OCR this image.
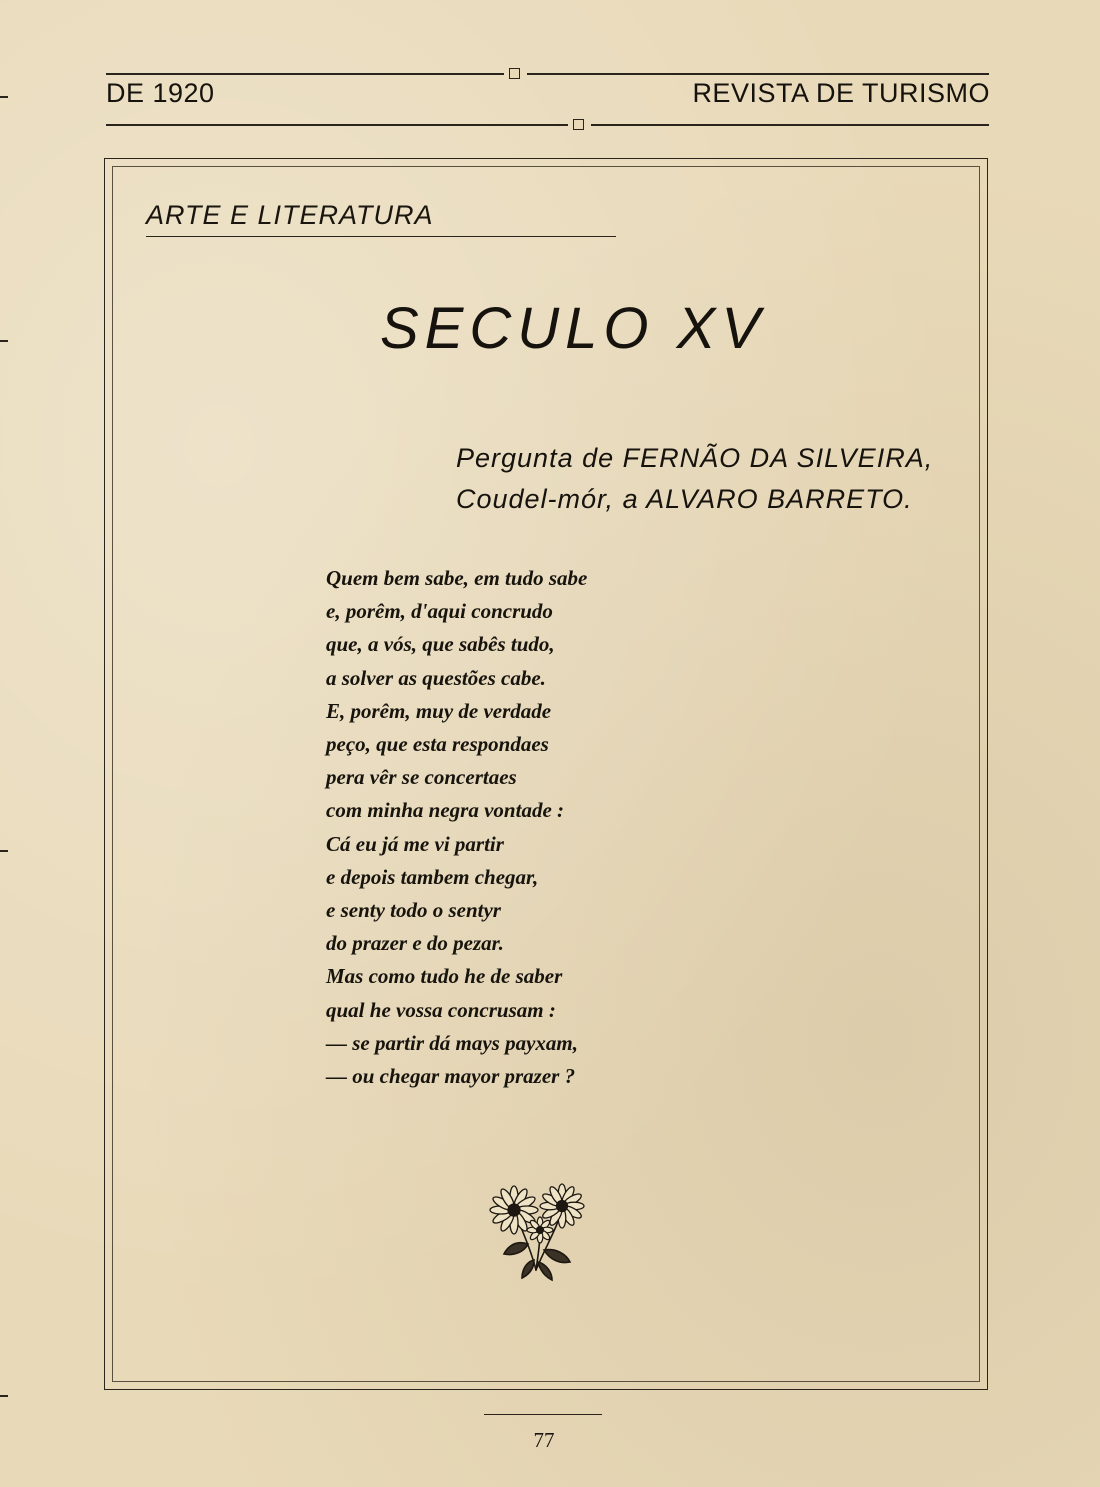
DE 1920	REVISTA DE TURISMO
ARTE E LITERATURA
SECULO XV
Pergunta de FERNÃO DA SILVEIRA,
Coudel-mór, a ALVARO BARRETO.
Quem bem sabe, em tudo sabe
e, porêm, d'aqui concrudo
que, a vós, que sabês tudo,
a solver as questões cabe.
E, porêm, muy de verdade
peço, que esta respondaes
pera vêr se concertaes
com minha negra vontade :
Cá eu já me vi partir
e depois tambem chegar,
e senty todo o sentyr
do prazer e do pezar.
Mas como tudo he de saber
qual he vossa concrusam :
— se partir dá mays payxam,
— ou chegar mayor prazer ?
77
